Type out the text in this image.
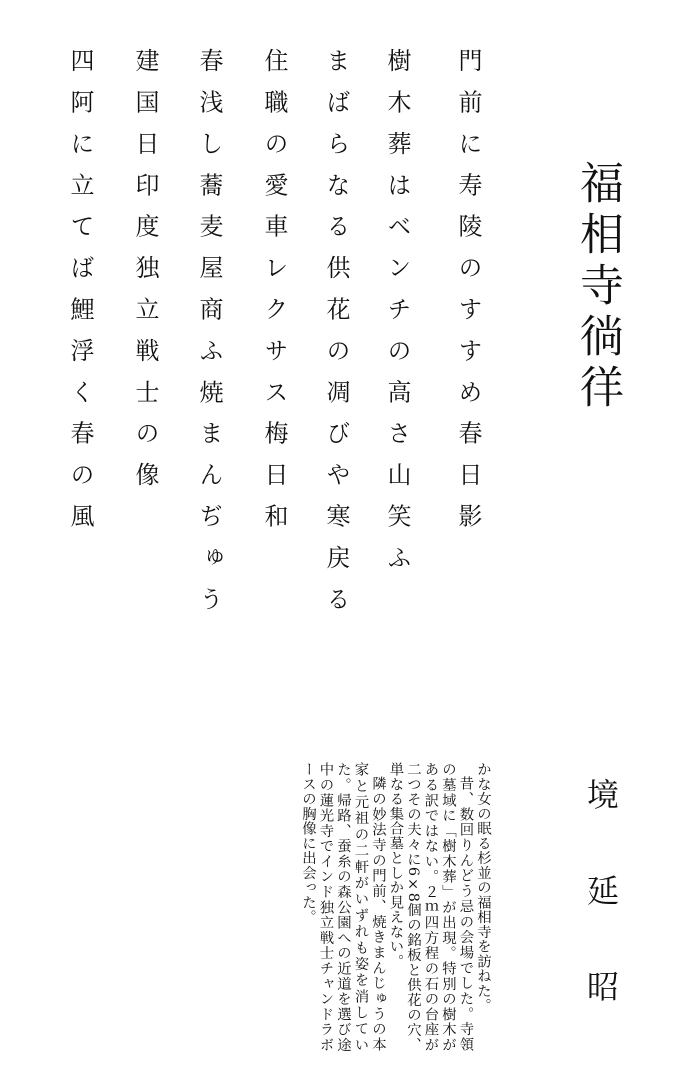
福相寺徜徉
境延昭
門前に寿陵のすすめ春日影
樹木葬はベンチの高さ山笑ふ
まばらなる供花の凋びや寒戻る
住職の愛車レクサス梅日和
春浅し蕎麦屋商ふ焼まんぢゅう
建国日印度独立戦士の像
四阿に立てば鯉浮く春の風

かな女の眠る杉並の福相寺を訪ねた。

昔、数回りんどう忌の会場でした。寺領の墓域に「樹木葬」が出現。特別の樹木がある訳ではない。２ｍ四方程の石の台座が二つその夫々に6×8個の銘板と供花の穴、単なる集合墓としか見えない。

隣の妙法寺の門前、焼きまんじゅうの本家と元祖の二軒がいずれも姿を消していた。帰路、蚕糸の森公園への近道を選び途中の蓮光寺でインド独立戦士チャンドラボースの胸像に出会った。
